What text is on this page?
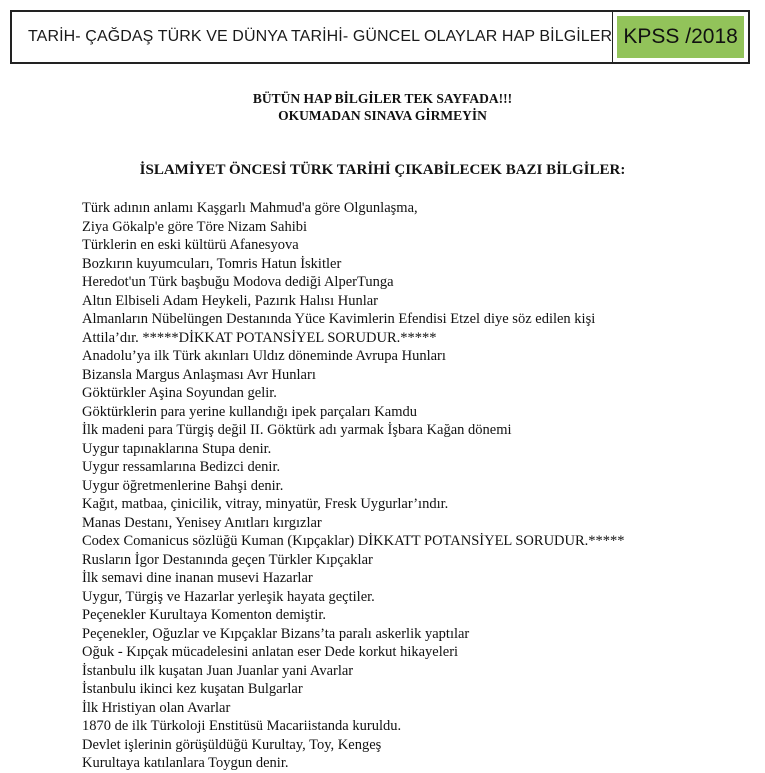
TARİH- ÇAĞDAŞ TÜRK VE DÜNYA TARİHİ- GÜNCEL OLAYLAR HAP BİLGİLER KPSS /2018
BÜTÜN HAP BİLGİLER TEK SAYFADA!!!
OKUMADAN SINAVA GİRMEYİN
İSLAMİYET ÖNCESİ TÜRK TARİHİ ÇIKABİLECEK BAZI BİLGİLER:
Türk adının anlamı Kaşgarlı Mahmud'a göre Olgunlaşma,
Ziya Gökalp'e göre Töre Nizam Sahibi
Türklerin en eski kültürü Afanesyova
Bozkırın kuyumcuları, Tomris Hatun İskitler
Heredot'un Türk başbuğu Modova dediği AlperTunga
Altın Elbiseli Adam Heykeli, Pazırık Halısı Hunlar
Almanların Nübelüngen Destanında Yüce Kavimlerin Efendisi Etzel diye söz edilen kişi
Attila’dır. *****DİKKAT POTANSİYEL SORUDUR.*****
Anadolu’ya ilk Türk akınları Uldız döneminde Avrupa Hunları
Bizansla Margus Anlaşması Avr Hunları
Göktürkler Aşina Soyundan gelir.
Göktürklerin para yerine kullandığı ipek parçaları Kamdu
İlk madeni para Türgiş değil II. Göktürk adı yarmak İşbara Kağan dönemi
Uygur tapınaklarına Stupa denir.
Uygur ressamlarına Bedizci denir.
Uygur öğretmenlerine Bahşi denir.
Kağıt, matbaa, çinicilik, vitray, minyatür, Fresk Uygurlar’ındır.
Manas Destanı, Yenisey Anıtları kırgızlar
Codex Comanicus sözlüğü Kuman (Kıpçaklar) DİKKATT POTANSİYEL SORUDUR.*****
Rusların İgor Destanında geçen Türkler Kıpçaklar
İlk semavi dine inanan musevi Hazarlar
Uygur, Türgiş ve Hazarlar yerleşik hayata geçtiler.
Peçenekler Kurultaya Komenton demiştir.
Peçenekler, Oğuzlar ve Kıpçaklar Bizans’ta paralı askerlik yaptılar
Oğuk - Kıpçak mücadelesini anlatan eser Dede korkut hikayeleri
İstanbulu ilk kuşatan Juan Juanlar yani Avarlar
İstanbulu ikinci kez kuşatan Bulgarlar
İlk Hristiyan olan Avarlar
1870 de ilk Türkoloji Enstitüsü Macariistanda kuruldu.
Devlet işlerinin görüşüldüğü Kurultay, Toy, Kengeş
Kurultaya katılanlara Toygun denir.
